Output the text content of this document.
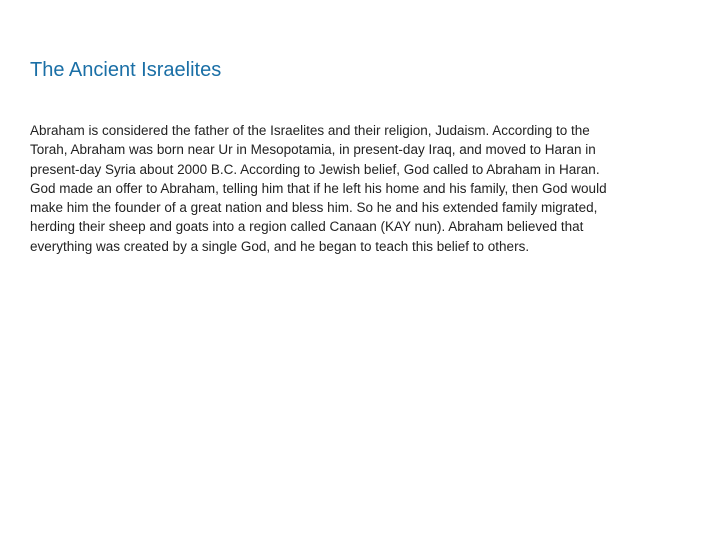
The Ancient Israelites

Abraham is considered the father of the Israelites and their religion, Judaism. According to the Torah, Abraham was born near Ur in Mesopotamia, in present-day Iraq, and moved to Haran in present-day Syria about 2000 B.C. According to Jewish belief, God called to Abraham in Haran. God made an offer to Abraham, telling him that if he left his home and his family, then God would make him the founder of a great nation and bless him. So he and his extended family migrated, herding their sheep and goats into a region called Canaan (KAY nun). Abraham believed that everything was created by a single God, and he began to teach this belief to others.
